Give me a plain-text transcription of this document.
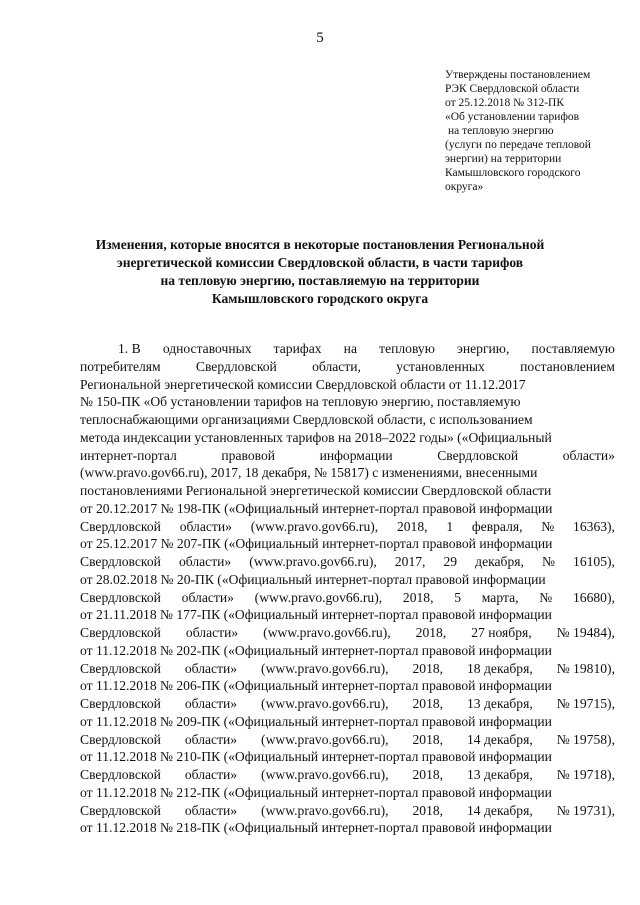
5
Утверждены постановлением
РЭК Свердловской области
от 25.12.2018 № 312-ПК
«Об установлении тарифов
на тепловую энергию
(услуги по передаче тепловой
энергии) на территории
Камышловского городского
округа»
Изменения, которые вносятся в некоторые постановления Региональной
энергетической комиссии Свердловской области, в части тарифов
на тепловую энергию, поставляемую на территории
Камышловского городского округа
1. В одноставочных тарифах на тепловую энергию, поставляемую
потребителям	Свердловской	области,	установленных	постановлением
Региональной энергетической комиссии Свердловской области от 11.12.2017
№ 150-ПК «Об установлении тарифов на тепловую энергию, поставляемую
теплоснабжающими организациями Свердловской области, с использованием
метода индексации установленных тарифов на 2018–2022 годы» («Официальный
интернет-портал	правовой	информации	Свердловской	области»
(www.pravo.gov66.ru), 2017, 18 декабря, № 15817) с изменениями, внесенными
постановлениями Региональной энергетической комиссии Свердловской области
от 20.12.2017 № 198-ПК («Официальный интернет-портал правовой информации
Свердловской области» (www.pravo.gov66.ru), 2018, 1 февраля, № 16363),
от 25.12.2017 № 207-ПК («Официальный интернет-портал правовой информации
Свердловской области» (www.pravo.gov66.ru), 2017, 29 декабря, № 16105),
от 28.02.2018 № 20-ПК («Официальный интернет-портал правовой информации
Свердловской области» (www.pravo.gov66.ru), 2018, 5 марта, № 16680),
от 21.11.2018 № 177-ПК («Официальный интернет-портал правовой информации
Свердловской области» (www.pravo.gov66.ru), 2018, 27 ноября, № 19484),
от 11.12.2018 № 202-ПК («Официальный интернет-портал правовой информации
Свердловской области» (www.pravo.gov66.ru), 2018, 18 декабря, № 19810),
от 11.12.2018 № 206-ПК («Официальный интернет-портал правовой информации
Свердловской области» (www.pravo.gov66.ru), 2018, 13 декабря, № 19715),
от 11.12.2018 № 209-ПК («Официальный интернет-портал правовой информации
Свердловской области» (www.pravo.gov66.ru), 2018, 14 декабря, № 19758),
от 11.12.2018 № 210-ПК («Официальный интернет-портал правовой информации
Свердловской области» (www.pravo.gov66.ru), 2018, 13 декабря, № 19718),
от 11.12.2018 № 212-ПК («Официальный интернет-портал правовой информации
Свердловской области» (www.pravo.gov66.ru), 2018, 14 декабря, № 19731),
от 11.12.2018 № 218-ПК («Официальный интернет-портал правовой информации
